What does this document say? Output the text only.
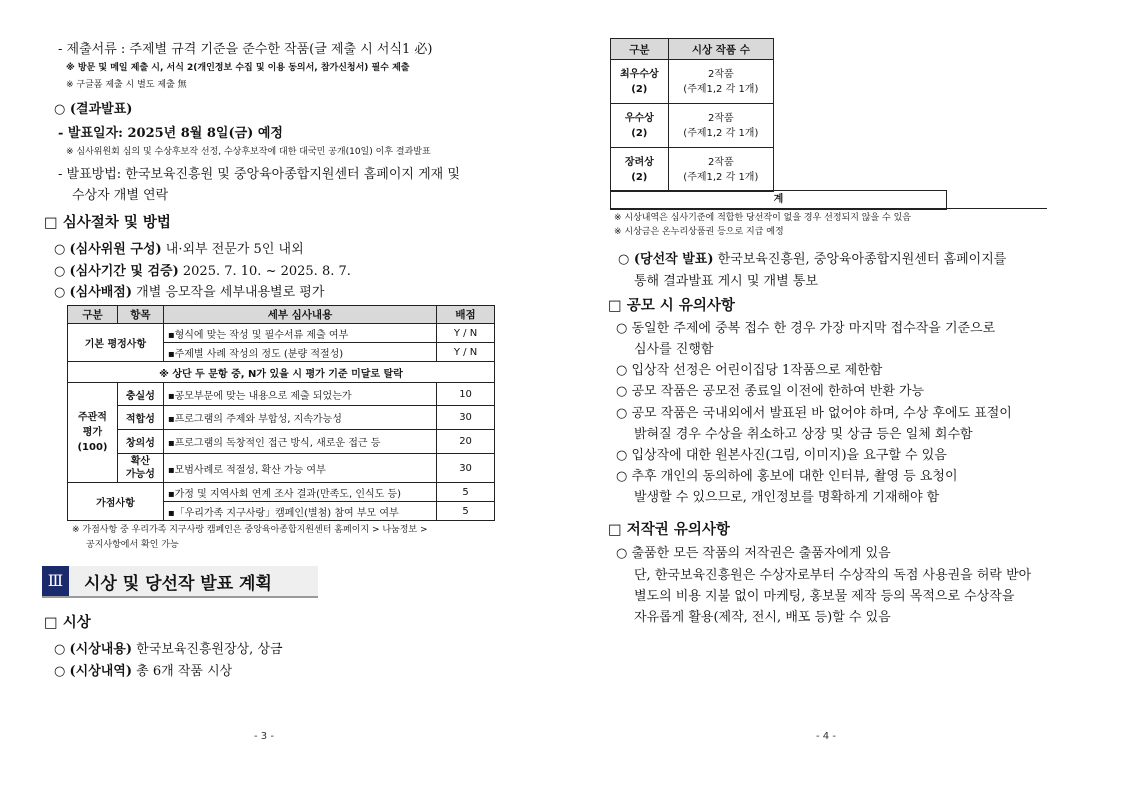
- 제출서류 : 주제별 규격 기준을 준수한 작품(글 제출 시 서식1 必)
※ 방문 및 메일 제출 시, 서식 2(개인정보 수집 및 이용 동의서, 참가신청서) 필수 제출
※ 구글폼 제출 시 별도 제출 無
○ (결과발표)
- 발표일자: 2025년 8월 8일(금) 예정
※ 심사위원회 심의 및 수상후보작 선정, 수상후보작에 대한 대국민 공개(10일) 이후 결과발표
- 발표방법: 한국보육진흥원 및 중앙육아종합지원센터 홈페이지 게재 및
수상자 개별 연락
□ 심사절차 및 방법
○ (심사위원 구성) 내·외부 전문가 5인 내외
○ (심사기간 및 검증) 2025. 7. 10. ~ 2025. 8. 7.
○ (심사배점) 개별 응모작을 세부내용별로 평가
구분	항목	세부 심사내용	배점
기본 평정사항		▪형식에 맞는 작성 및 필수서류 제출 여부	Y / N
		▪주제별 사례 작성의 정도 (분량 적절성)	Y / N
※ 상단 두 문항 중, N가 있을 시 평가 기준 미달로 탈락			
주관적
평가
(100)	충실성	▪공모부문에 맞는 내용으로 제출 되었는가	10
	적합성	▪프로그램의 주제와 부합성, 지속가능성	30
	창의성	▪프로그램의 독창적인 접근 방식, 새로운 접근 등	20
	확산
가능성	▪모범사례로 적절성, 확산 가능 여부	30
가점사항		▪가정 및 지역사회 연계 조사 결과(만족도, 인식도 등)	5
		▪「우리가족 지구사랑」캠페인(별첨) 참여 부모 여부	5
※ 가점사항 중 우리가족 지구사랑 캠페인은 중앙육아종합지원센터 홈페이지 > 나눔정보 >
공지사항에서 확인 가능
Ⅲ	시상 및 당선작 발표 계획
□ 시상
○ (시상내용) 한국보육진흥원장상, 상금
○ (시상내역) 총 6개 작품 시상
- 3 -
구분	시상 작품 수
최우수상
(2)	2작품
(주제1,2 각 1개)
우수상
(2)	2작품
(주제1,2 각 1개)
장려상
(2)	2작품
(주제1,2 각 1개)
계
※ 시상내역은 심사기준에 적합한 당선작이 없을 경우 선정되지 않을 수 있음
※ 시상금은 온누리상품권 등으로 지급 예정
○ (당선작 발표) 한국보육진흥원, 중앙육아종합지원센터 홈페이지를
통해 결과발표 게시 및 개별 통보
□ 공모 시 유의사항
○ 동일한 주제에 중복 접수 한 경우 가장 마지막 접수작을 기준으로
심사를 진행함
○ 입상작 선정은 어린이집당 1작품으로 제한함
○ 공모 작품은 공모전 종료일 이전에 한하여 반환 가능
○ 공모 작품은 국내외에서 발표된 바 없어야 하며, 수상 후에도 표절이
밝혀질 경우 수상을 취소하고 상장 및 상금 등은 일체 회수함
○ 입상작에 대한 원본사진(그림, 이미지)을 요구할 수 있음
○ 추후 개인의 동의하에 홍보에 대한 인터뷰, 촬영 등 요청이
발생할 수 있으므로, 개인정보를 명확하게 기재해야 함
□ 저작권 유의사항
○ 출품한 모든 작품의 저작권은 출품자에게 있음
단, 한국보육진흥원은 수상자로부터 수상작의 독점 사용권을 허락 받아
별도의 비용 지불 없이 마케팅, 홍보물 제작 등의 목적으로 수상작을
자유롭게 활용(제작, 전시, 배포 등)할 수 있음
- 4 -
